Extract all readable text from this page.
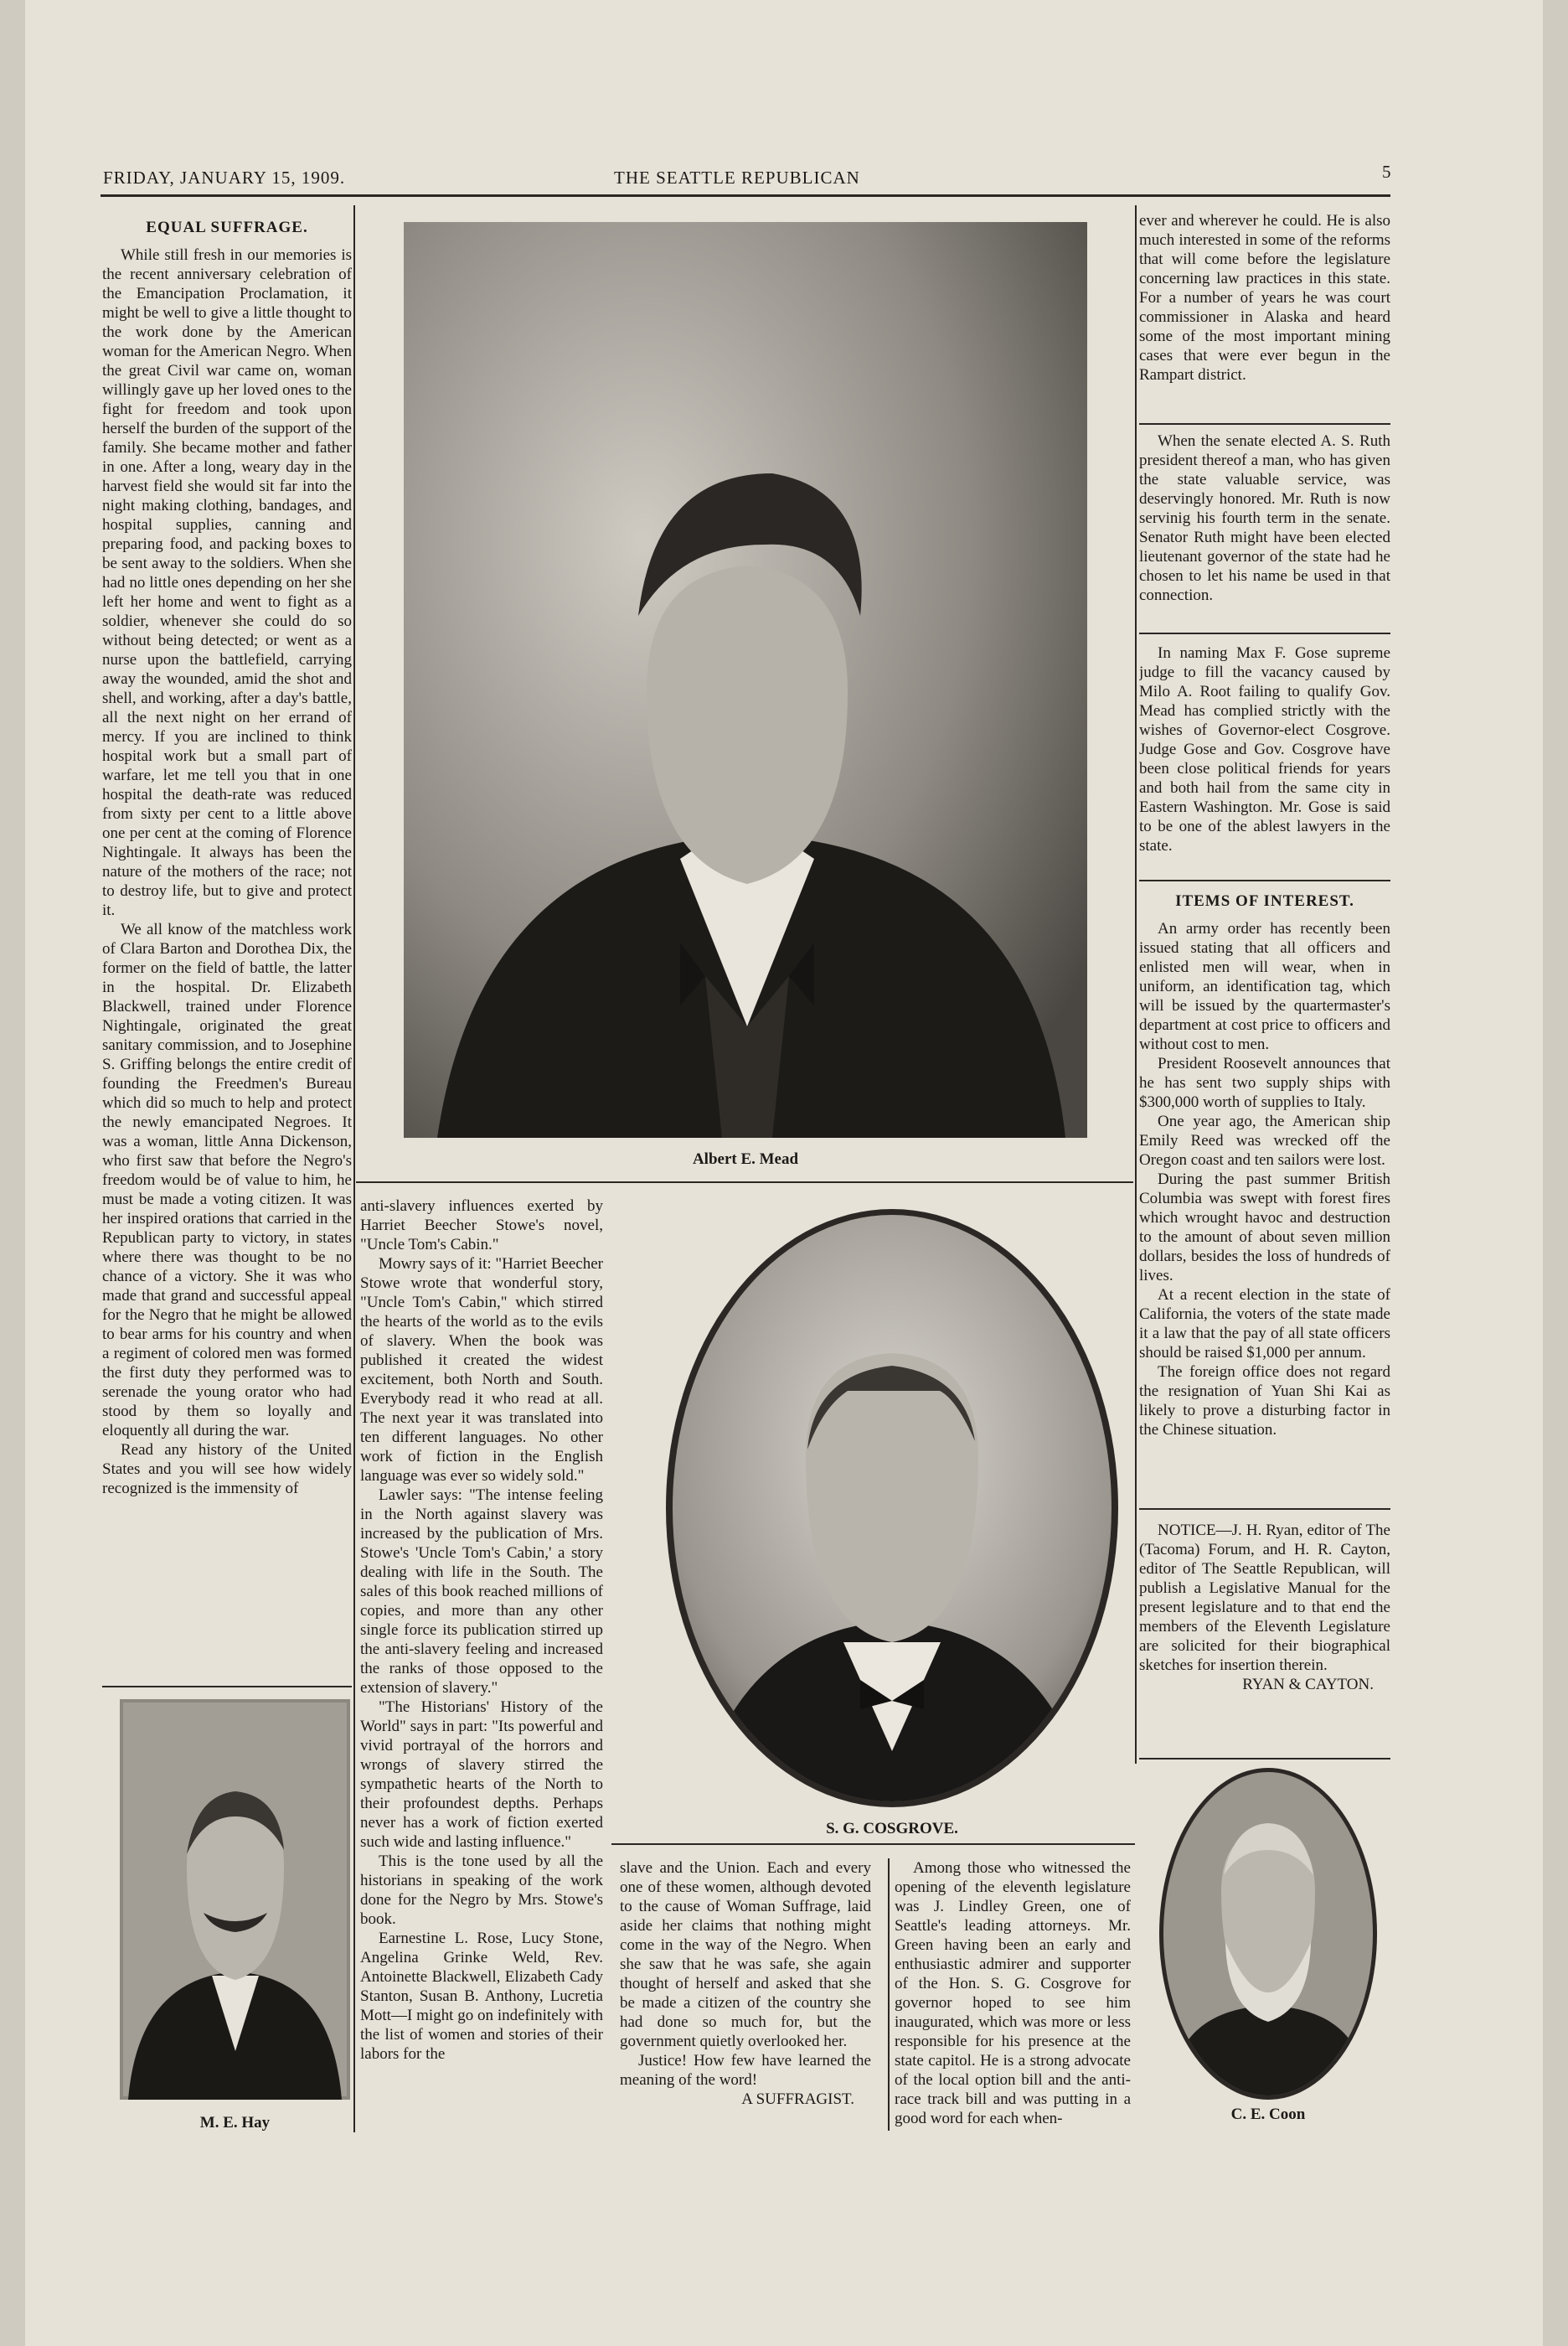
FRIDAY, JANUARY 15, 1909.	THE SEATTLE REPUBLICAN	5
EQUAL SUFFRAGE.

While still fresh in our memories is the recent anniversary celebration of the Emancipation Proclamation, it might be well to give a little thought to the work done by the American woman for the American Negro. When the great Civil war came on, woman willingly gave up her loved ones to the fight for freedom and took upon herself the burden of the support of the family. She became mother and father in one. After a long, weary day in the harvest field she would sit far into the night making clothing, bandages, and hospital supplies, canning and preparing food, and packing boxes to be sent away to the soldiers. When she had no little ones depending on her she left her home and went to fight as a soldier, whenever she could do so without being detected; or went as a nurse upon the battlefield, carrying away the wounded, amid the shot and shell, and working, after a day's battle, all the next night on her errand of mercy. If you are inclined to think hospital work but a small part of warfare, let me tell you that in one hospital the death-rate was reduced from sixty per cent to a little above one per cent at the coming of Florence Nightingale. It always has been the nature of the mothers of the race; not to destroy life, but to give and protect it.

We all know of the matchless work of Clara Barton and Dorothea Dix, the former on the field of battle, the latter in the hospital. Dr. Elizabeth Blackwell, trained under Florence Nightingale, originated the great sanitary commission, and to Josephine S. Griffing belongs the entire credit of founding the Freedmen's Bureau which did so much to help and protect the newly emancipated Negroes. It was a woman, little Anna Dickenson, who first saw that before the Negro's freedom would be of value to him, he must be made a voting citizen. It was her inspired orations that carried in the Republican party to victory, in states where there was thought to be no chance of a victory. She it was who made that grand and successful appeal for the Negro that he might be allowed to bear arms for his country and when a regiment of colored men was formed the first duty they performed was to serenade the young orator who had stood by them so loyally and eloquently all during the war.

Read any history of the United States and you will see how widely recognized is the immensity of

Albert E. Mead

anti-slavery influences exerted by Harriet Beecher Stowe's novel, "Uncle Tom's Cabin."

Mowry says of it: "Harriet Beecher Stowe wrote that wonderful story, "Uncle Tom's Cabin," which stirred the hearts of the world as to the evils of slavery. When the book was published it created the widest excitement, both North and South. Everybody read it who read at all. The next year it was translated into ten different languages. No other work of fiction in the English language was ever so widely sold."

Lawler says: "The intense feeling in the North against slavery was increased by the publication of Mrs. Stowe's 'Uncle Tom's Cabin,' a story dealing with life in the South. The sales of this book reached millions of copies, and more than any other single force its publication stirred up the anti-slavery feeling and increased the ranks of those opposed to the extension of slavery."

"The Historians' History of the World" says in part: "Its powerful and vivid portrayal of the horrors and wrongs of slavery stirred the sympathetic hearts of the North to their profoundest depths. Perhaps never has a work of fiction exerted such wide and lasting influence."

This is the tone used by all the historians in speaking of the work done for the Negro by Mrs. Stowe's book.

Earnestine L. Rose, Lucy Stone, Angelina Grinke Weld, Rev. Antoinette Blackwell, Elizabeth Cady Stanton, Susan B. Anthony, Lucretia Mott—I might go on indefinitely with the list of women and stories of their labors for the

S. G. COSGROVE.

slave and the Union. Each and every one of these women, although devoted to the cause of Woman Suffrage, laid aside her claims that nothing might come in the way of the Negro. When she saw that he was safe, she again thought of herself and asked that she be made a citizen of the country she had done so much for, but the government quietly overlooked her.

Justice! How few have learned the meaning of the word!

A SUFFRAGIST.

Among those who witnessed the opening of the eleventh legislature was J. Lindley Green, one of Seattle's leading attorneys. Mr. Green having been an early and enthusiastic admirer and supporter of the Hon. S. G. Cosgrove for governor hoped to see him inaugurated, which was more or less responsible for his presence at the state capitol. He is a strong advocate of the local option bill and the anti-race track bill and was putting in a good word for each when-

ever and wherever he could. He is also much interested in some of the reforms that will come before the legislature concerning law practices in this state. For a number of years he was court commissioner in Alaska and heard some of the most important mining cases that were ever begun in the Rampart district.

When the senate elected A. S. Ruth president thereof a man, who has given the state valuable service, was deservingly honored. Mr. Ruth is now servinig his fourth term in the senate. Senator Ruth might have been elected lieutenant governor of the state had he chosen to let his name be used in that connection.

In naming Max F. Gose supreme judge to fill the vacancy caused by Milo A. Root failing to qualify Gov. Mead has complied strictly with the wishes of Governor-elect Cosgrove. Judge Gose and Gov. Cosgrove have been close political friends for years and both hail from the same city in Eastern Washington. Mr. Gose is said to be one of the ablest lawyers in the state.

ITEMS OF INTEREST.

An army order has recently been issued stating that all officers and enlisted men will wear, when in uniform, an identification tag, which will be issued by the quartermaster's department at cost price to officers and without cost to men.

President Roosevelt announces that he has sent two supply ships with $300,000 worth of supplies to Italy.

One year ago, the American ship Emily Reed was wrecked off the Oregon coast and ten sailors were lost.

During the past summer British Columbia was swept with forest fires which wrought havoc and destruction to the amount of about seven million dollars, besides the loss of hundreds of lives.

At a recent election in the state of California, the voters of the state made it a law that the pay of all state officers should be raised $1,000 per annum.

The foreign office does not regard the resignation of Yuan Shi Kai as likely to prove a disturbing factor in the Chinese situation.

NOTICE—J. H. Ryan, editor of The (Tacoma) Forum, and H. R. Cayton, editor of The Seattle Republican, will publish a Legislative Manual for the present legislature and to that end the members of the Eleventh Legislature are solicited for their biographical sketches for insertion therein.

RYAN & CAYTON.
M. E. Hay	C. E. Coon
